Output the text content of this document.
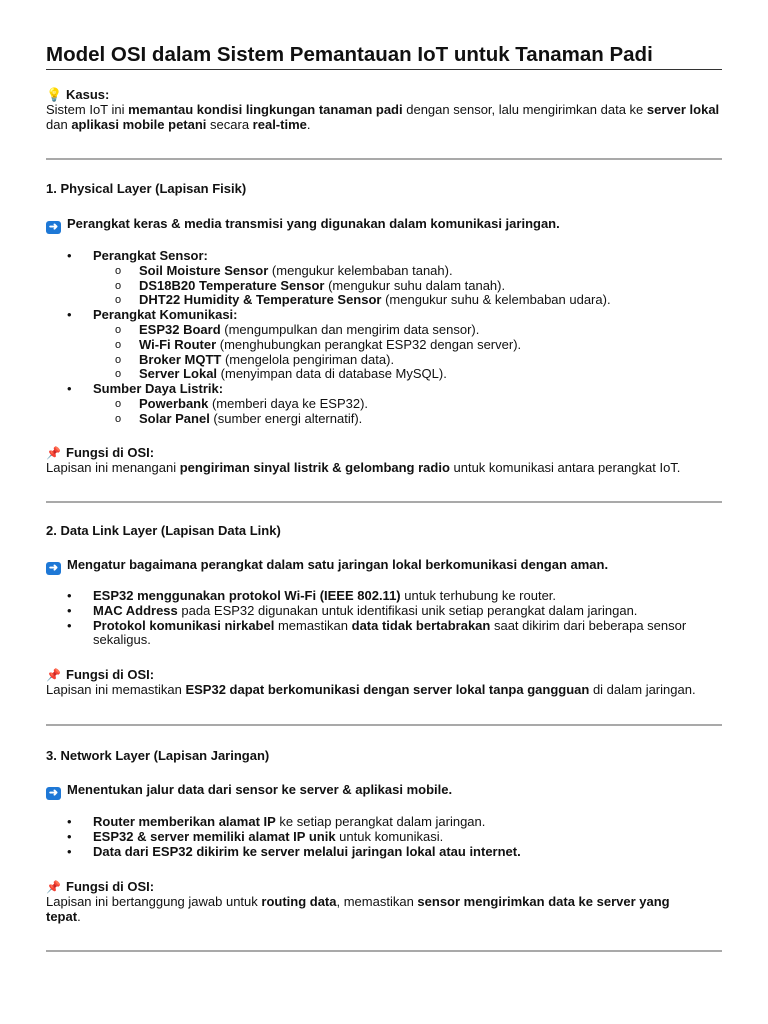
Model OSI dalam Sistem Pemantauan IoT untuk Tanaman Padi
💡 Kasus:
Sistem IoT ini memantau kondisi lingkungan tanaman padi dengan sensor, lalu mengirimkan data ke server lokal dan aplikasi mobile petani secara real-time.
1. Physical Layer (Lapisan Fisik)
➜ Perangkat keras & media transmisi yang digunakan dalam komunikasi jaringan.
• Perangkat Sensor:
o Soil Moisture Sensor (mengukur kelembaban tanah).
o DS18B20 Temperature Sensor (mengukur suhu dalam tanah).
o DHT22 Humidity & Temperature Sensor (mengukur suhu & kelembaban udara).
• Perangkat Komunikasi:
o ESP32 Board (mengumpulkan dan mengirim data sensor).
o Wi-Fi Router (menghubungkan perangkat ESP32 dengan server).
o Broker MQTT (mengelola pengiriman data).
o Server Lokal (menyimpan data di database MySQL).
• Sumber Daya Listrik:
o Powerbank (memberi daya ke ESP32).
o Solar Panel (sumber energi alternatif).
📌 Fungsi di OSI:
Lapisan ini menangani pengiriman sinyal listrik & gelombang radio untuk komunikasi antara perangkat IoT.
2. Data Link Layer (Lapisan Data Link)
➜ Mengatur bagaimana perangkat dalam satu jaringan lokal berkomunikasi dengan aman.
• ESP32 menggunakan protokol Wi-Fi (IEEE 802.11) untuk terhubung ke router.
• MAC Address pada ESP32 digunakan untuk identifikasi unik setiap perangkat dalam jaringan.
• Protokol komunikasi nirkabel memastikan data tidak bertabrakan saat dikirim dari beberapa sensor sekaligus.
📌 Fungsi di OSI:
Lapisan ini memastikan ESP32 dapat berkomunikasi dengan server lokal tanpa gangguan di dalam jaringan.
3. Network Layer (Lapisan Jaringan)
➜ Menentukan jalur data dari sensor ke server & aplikasi mobile.
• Router memberikan alamat IP ke setiap perangkat dalam jaringan.
• ESP32 & server memiliki alamat IP unik untuk komunikasi.
• Data dari ESP32 dikirim ke server melalui jaringan lokal atau internet.
📌 Fungsi di OSI:
Lapisan ini bertanggung jawab untuk routing data, memastikan sensor mengirimkan data ke server yang tepat.
